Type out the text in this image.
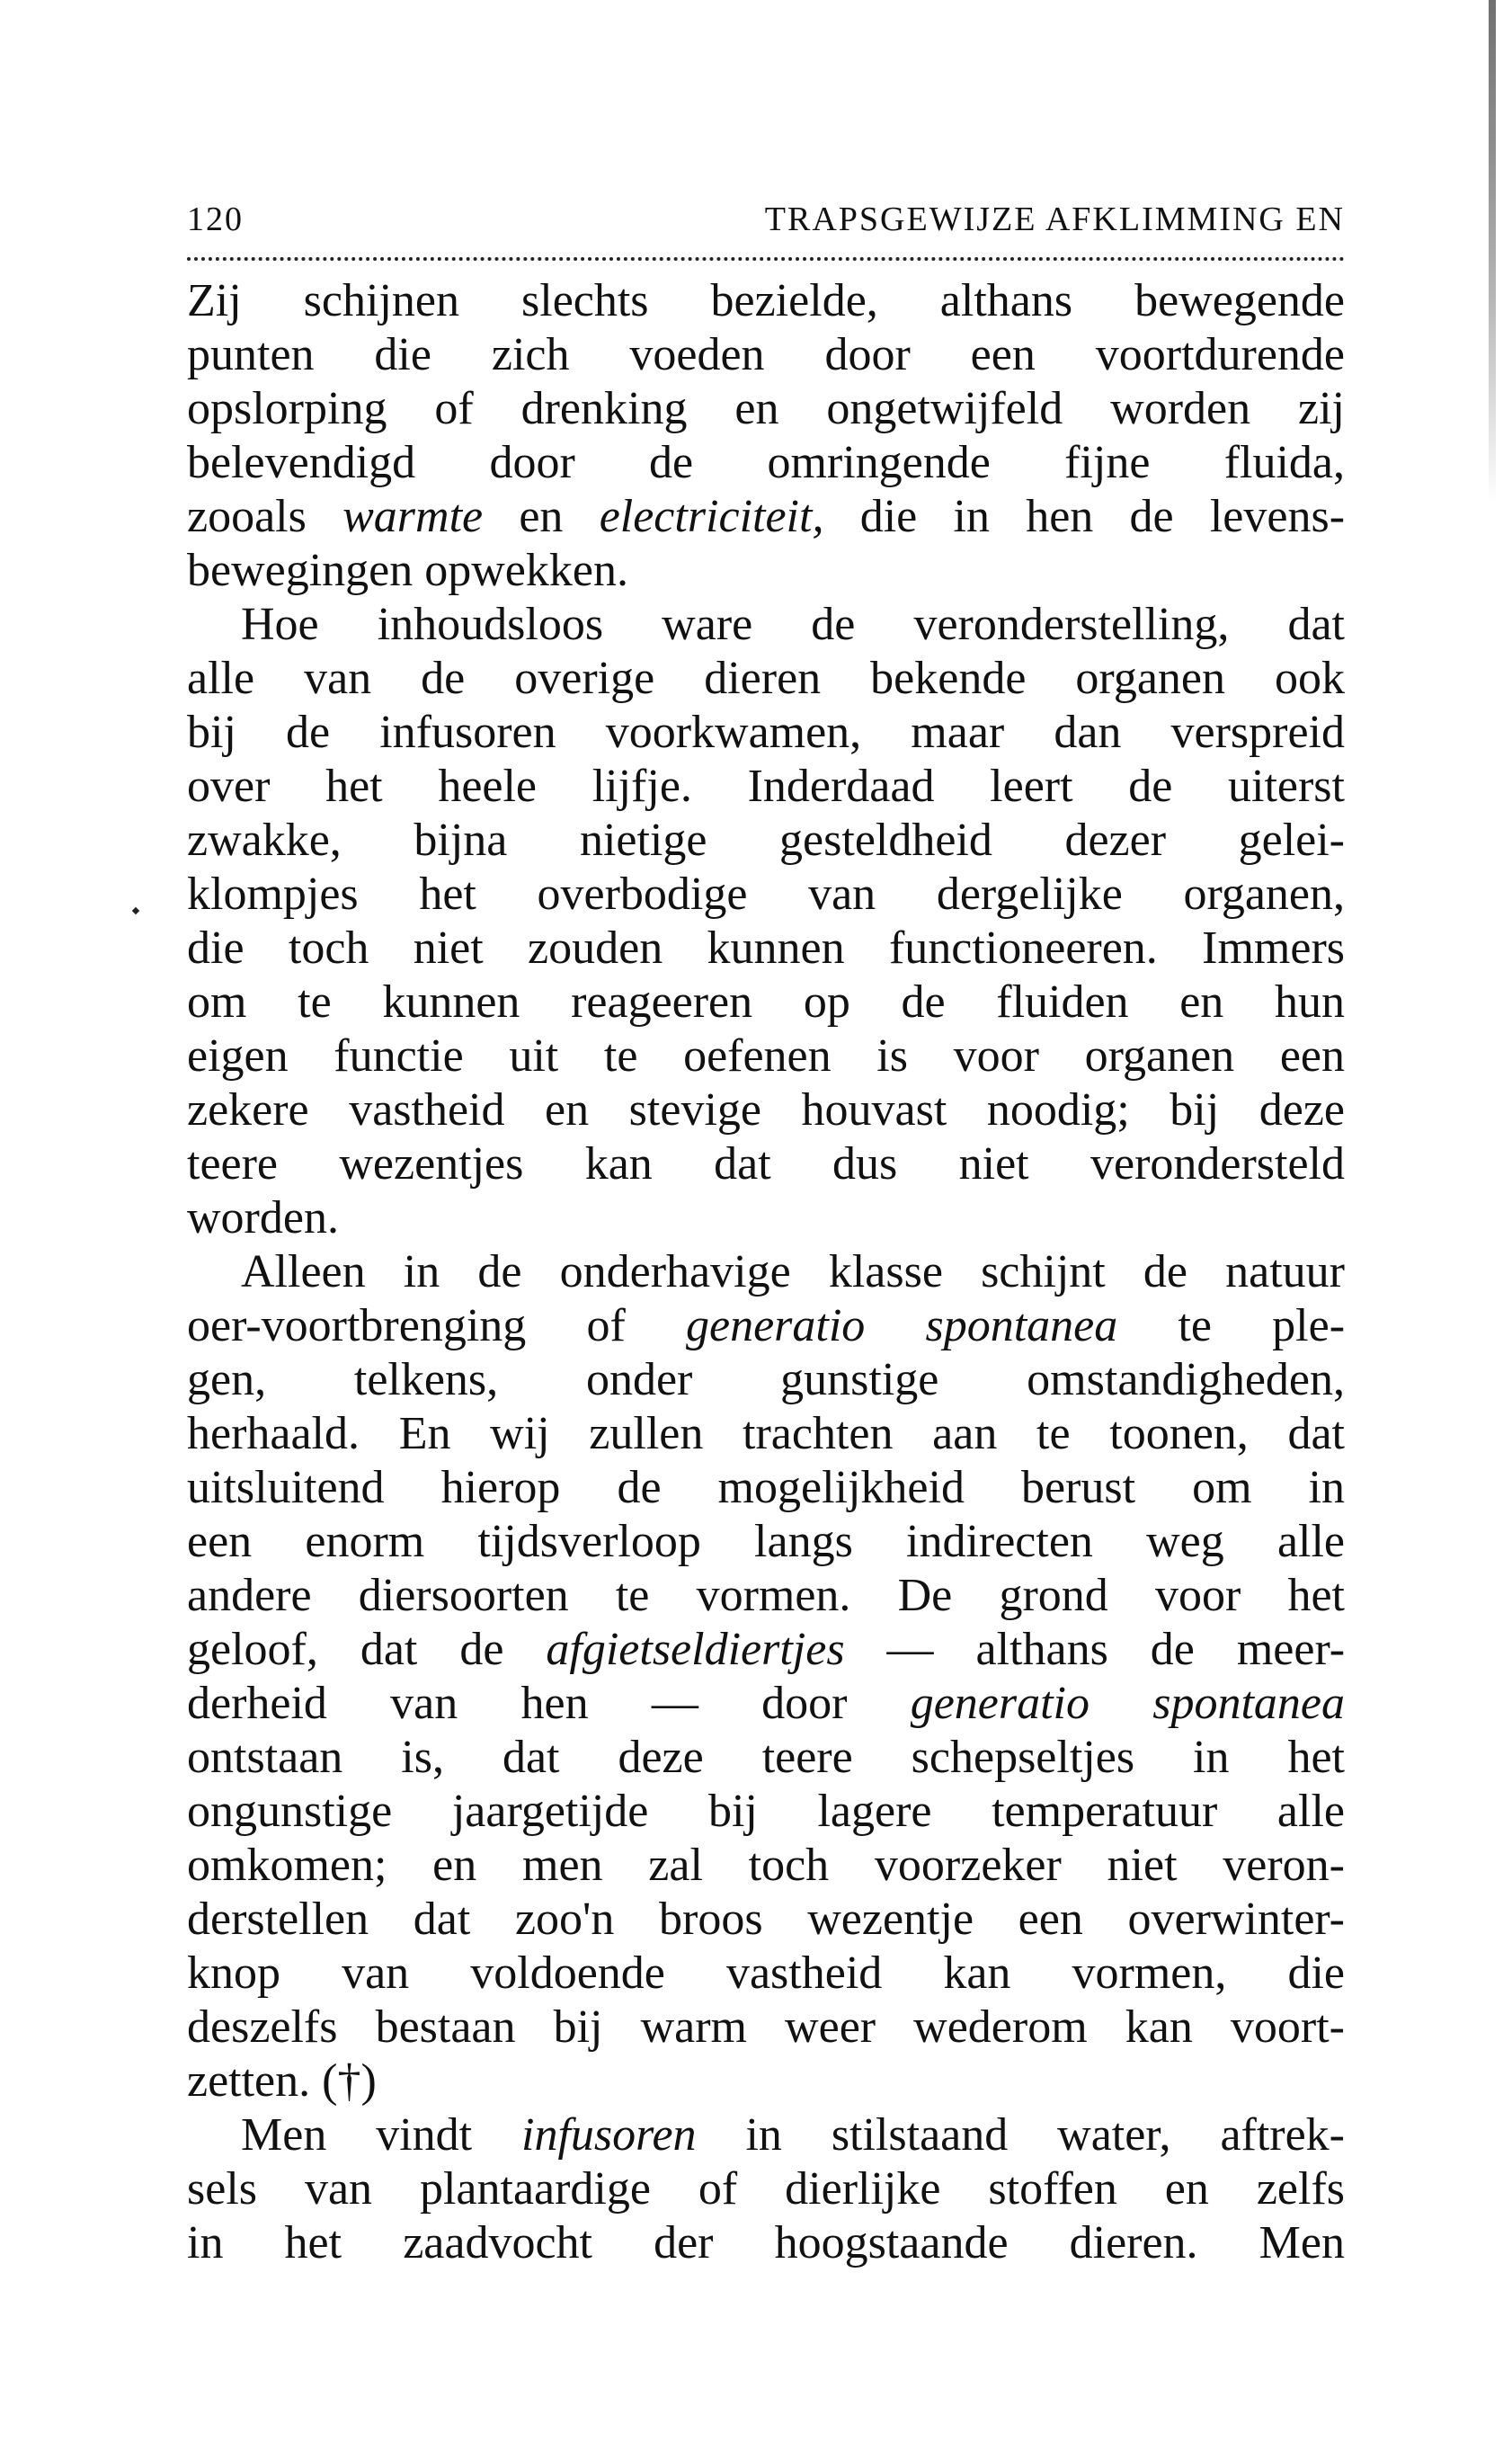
120	TRAPSGEWIJZE AFKLIMMING EN
Zij schijnen slechts bezielde, althans bewegende
punten die zich voeden door een voortdurende
opslorping of drenking en ongetwijfeld worden zij
belevendigd door de omringende fijne fluida,
zooals warmte en electriciteit, die in hen de levens-
bewegingen opwekken.
Hoe inhoudsloos ware de veronderstelling, dat
alle van de overige dieren bekende organen ook
bij de infusoren voorkwamen, maar dan verspreid
over het heele lijfje. Inderdaad leert de uiterst
zwakke, bijna nietige gesteldheid dezer gelei-
klompjes het overbodige van dergelijke organen,
die toch niet zouden kunnen functioneeren. Immers
om te kunnen reageeren op de fluiden en hun
eigen functie uit te oefenen is voor organen een
zekere vastheid en stevige houvast noodig; bij deze
teere wezentjes kan dat dus niet verondersteld
worden.
Alleen in de onderhavige klasse schijnt de natuur
oer-voortbrenging of generatio spontanea te ple-
gen, telkens, onder gunstige omstandigheden,
herhaald. En wij zullen trachten aan te toonen, dat
uitsluitend hierop de mogelijkheid berust om in
een enorm tijdsverloop langs indirecten weg alle
andere diersoorten te vormen. De grond voor het
geloof, dat de afgietseldiertjes — althans de meer-
derheid van hen — door generatio spontanea
ontstaan is, dat deze teere schepseltjes in het
ongunstige jaargetijde bij lagere temperatuur alle
omkomen; en men zal toch voorzeker niet veron-
derstellen dat zoo'n broos wezentje een overwinter-
knop van voldoende vastheid kan vormen, die
deszelfs bestaan bij warm weer wederom kan voort-
zetten. (†)
Men vindt infusoren in stilstaand water, aftrek-
sels van plantaardige of dierlijke stoffen en zelfs
in het zaadvocht der hoogstaande dieren. Men
